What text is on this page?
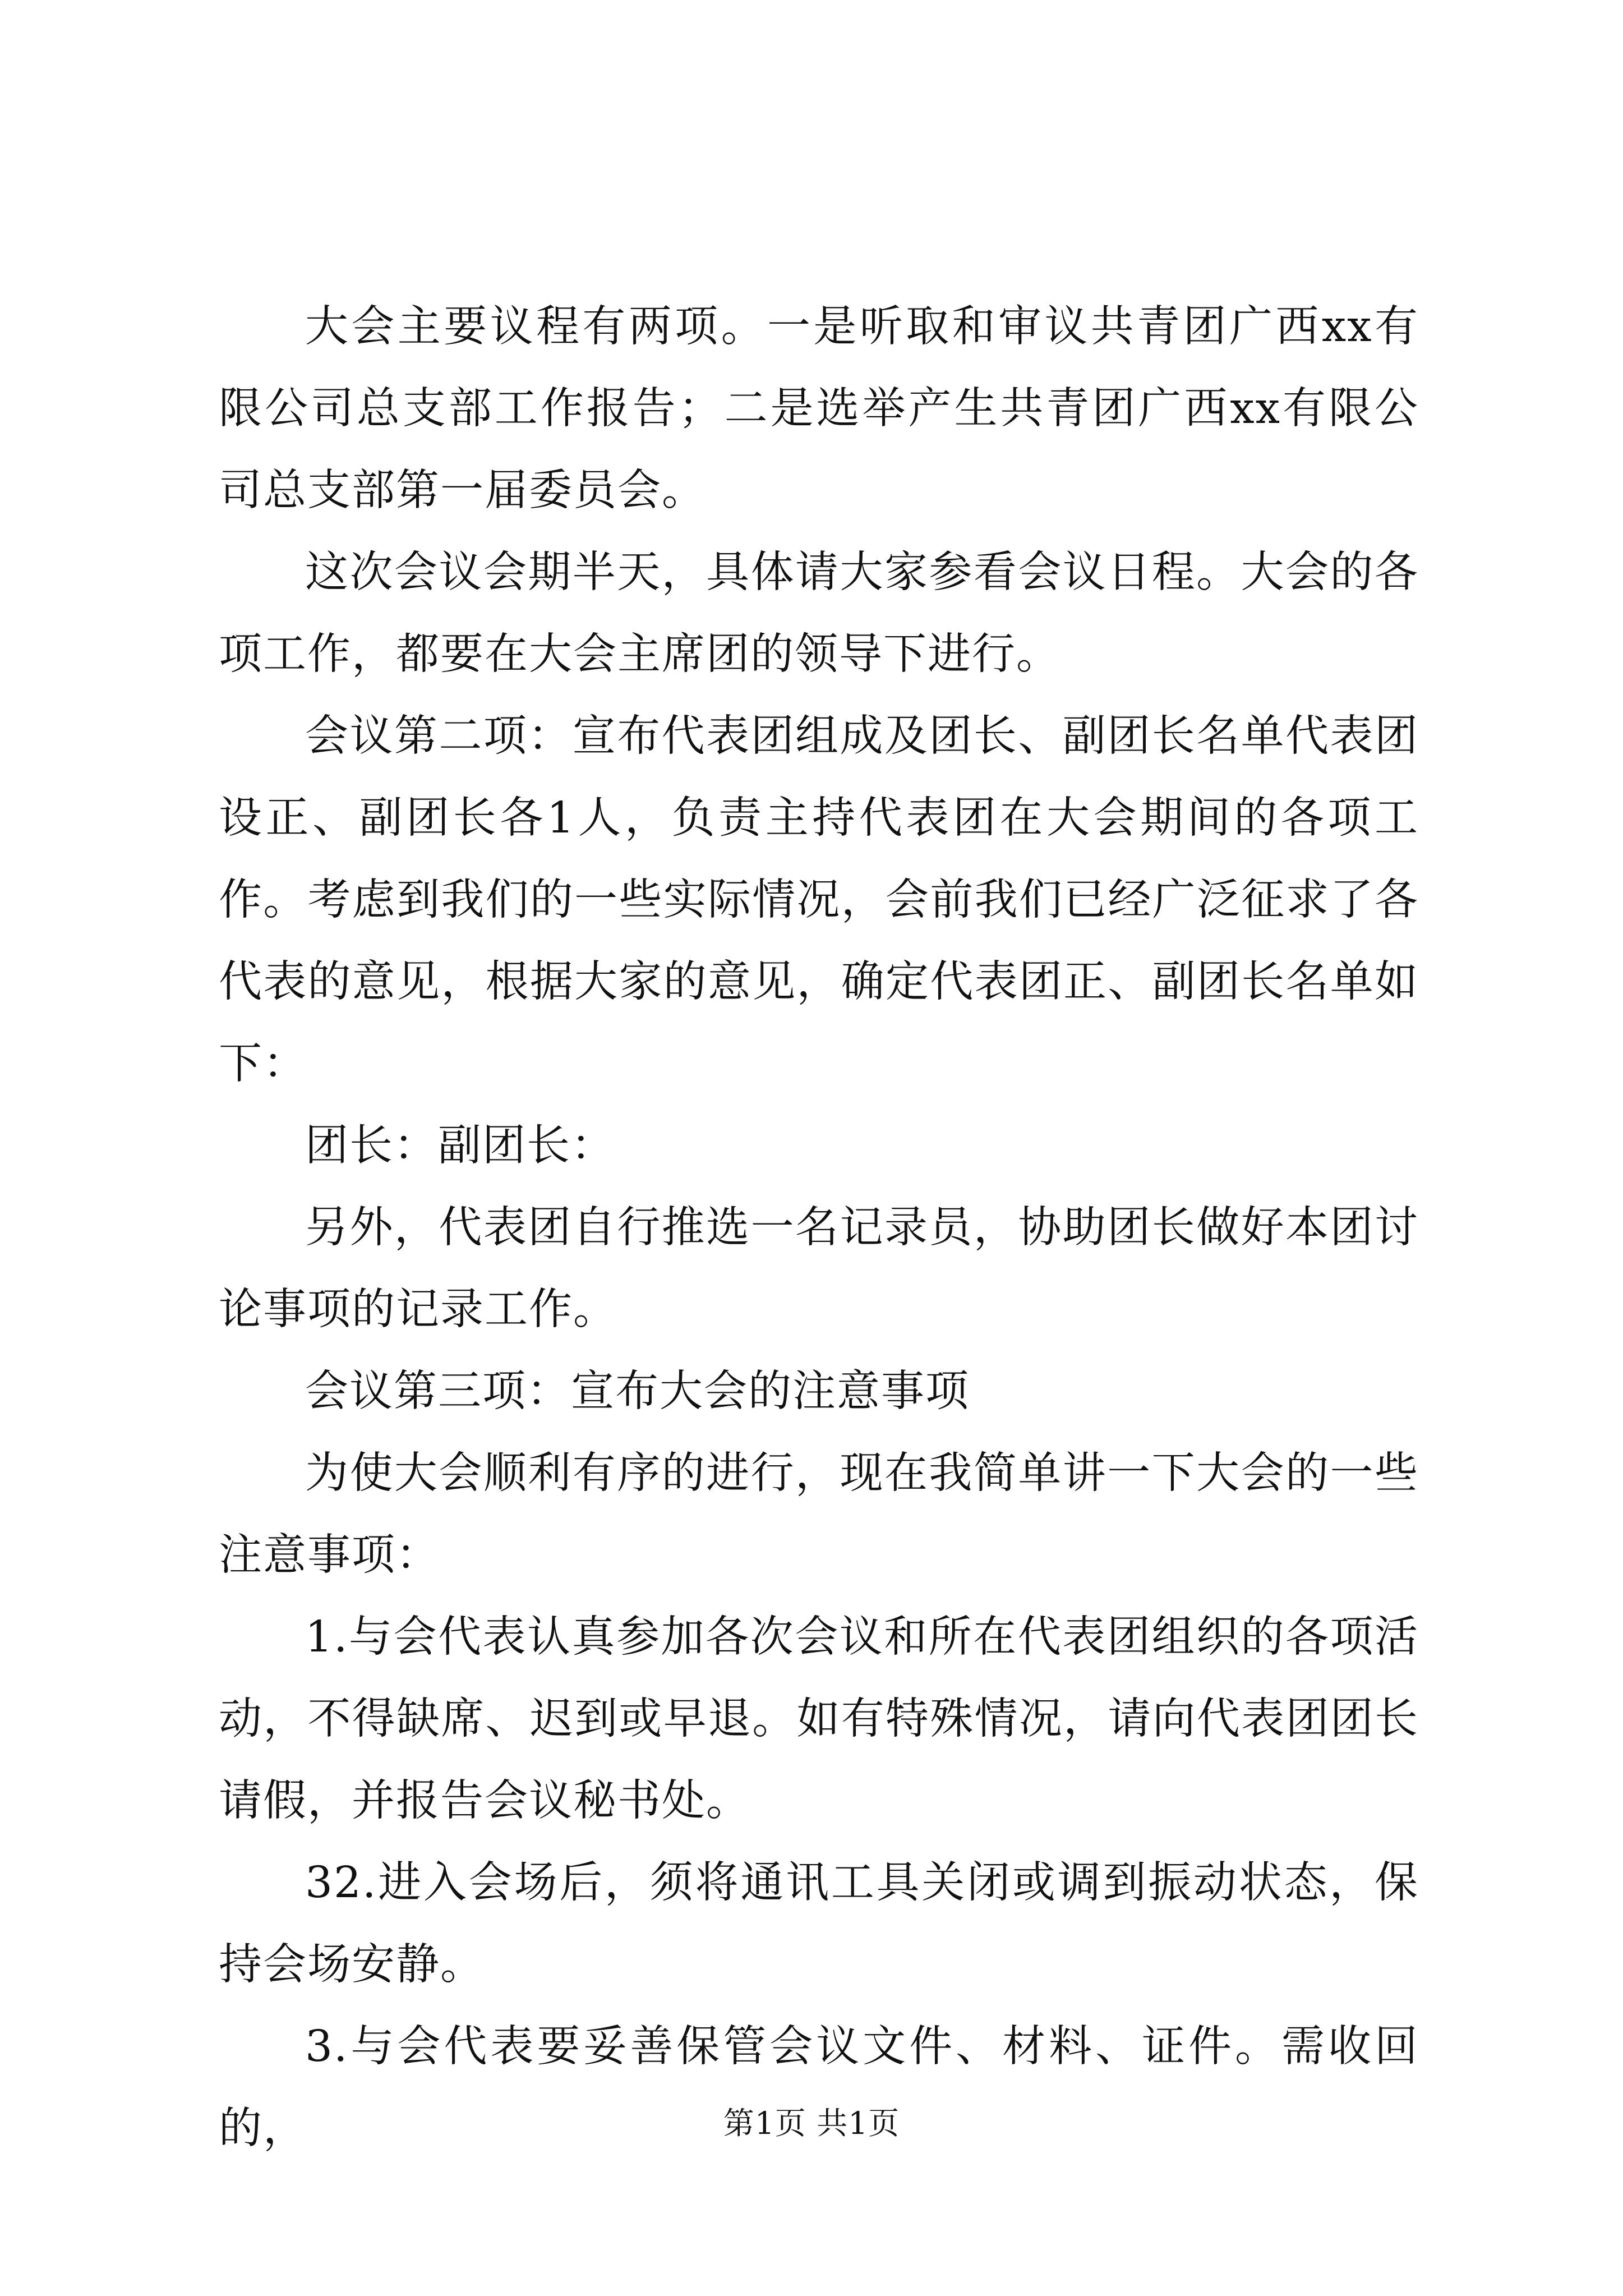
大会主要议程有两项。一是听取和审议共青团广西xx有限公司总支部工作报告；二是选举产生共青团广西xx有限公司总支部第一届委员会。

这次会议会期半天，具体请大家参看会议日程。大会的各项工作，都要在大会主席团的领导下进行。

会议第二项：宣布代表团组成及团长、副团长名单代表团设正、副团长各1人，负责主持代表团在大会期间的各项工作。考虑到我们的一些实际情况，会前我们已经广泛征求了各代表的意见，根据大家的意见，确定代表团正、副团长名单如下：

团长：副团长：

另外，代表团自行推选一名记录员，协助团长做好本团讨论事项的记录工作。

会议第三项：宣布大会的注意事项

为使大会顺利有序的进行，现在我简单讲一下大会的一些注意事项：

1.与会代表认真参加各次会议和所在代表团组织的各项活动，不得缺席、迟到或早退。如有特殊情况，请向代表团团长请假，并报告会议秘书处。

32.进入会场后，须将通讯工具关闭或调到振动状态，保持会场安静。

3.与会代表要妥善保管会议文件、材料、证件。需收回的，	第1页 共1页
